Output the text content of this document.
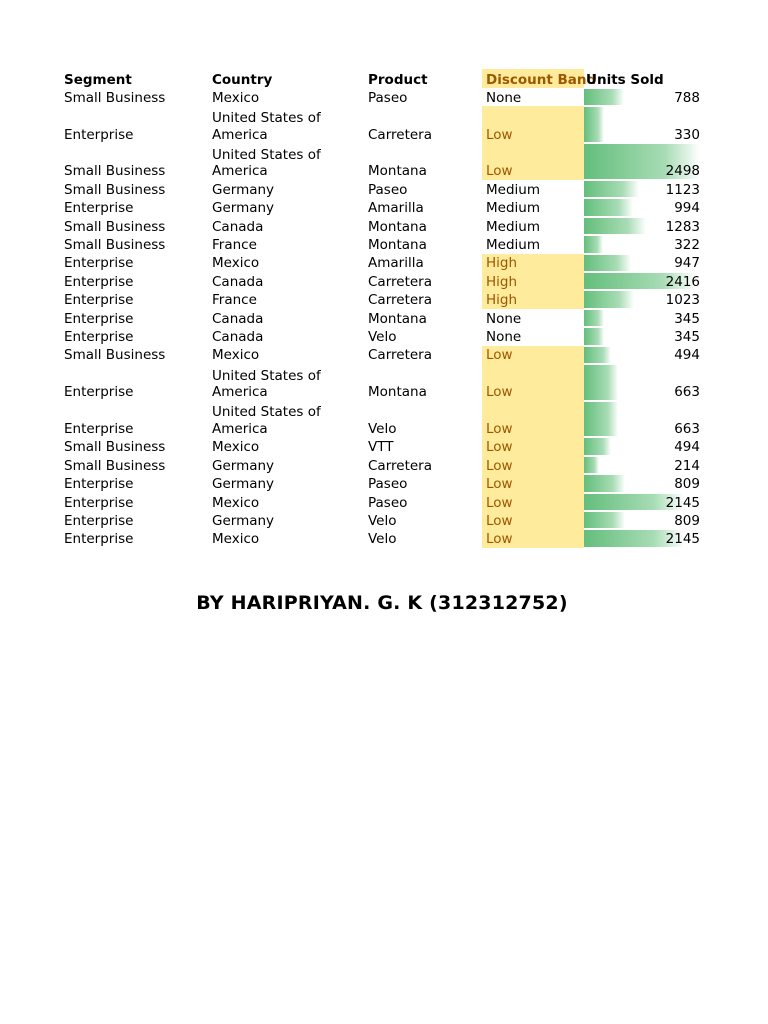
Segment	Country	Product	Discount Band	Units Sold
Small Business	Mexico	Paseo	None	788
Enterprise	United States of America	Carretera	Low	330
Small Business	United States of America	Montana	Low	2498
Small Business	Germany	Paseo	Medium	1123
Enterprise	Germany	Amarilla	Medium	994
Small Business	Canada	Montana	Medium	1283
Small Business	France	Montana	Medium	322
Enterprise	Mexico	Amarilla	High	947
Enterprise	Canada	Carretera	High	2416
Enterprise	France	Carretera	High	1023
Enterprise	Canada	Montana	None	345
Enterprise	Canada	Velo	None	345
Small Business	Mexico	Carretera	Low	494
Enterprise	United States of America	Montana	Low	663
Enterprise	United States of America	Velo	Low	663
Small Business	Mexico	VTT	Low	494
Small Business	Germany	Carretera	Low	214
Enterprise	Germany	Paseo	Low	809
Enterprise	Mexico	Paseo	Low	2145
Enterprise	Germany	Velo	Low	809
Enterprise	Mexico	Velo	Low	2145
BY HARIPRIYAN. G. K (312312752)
